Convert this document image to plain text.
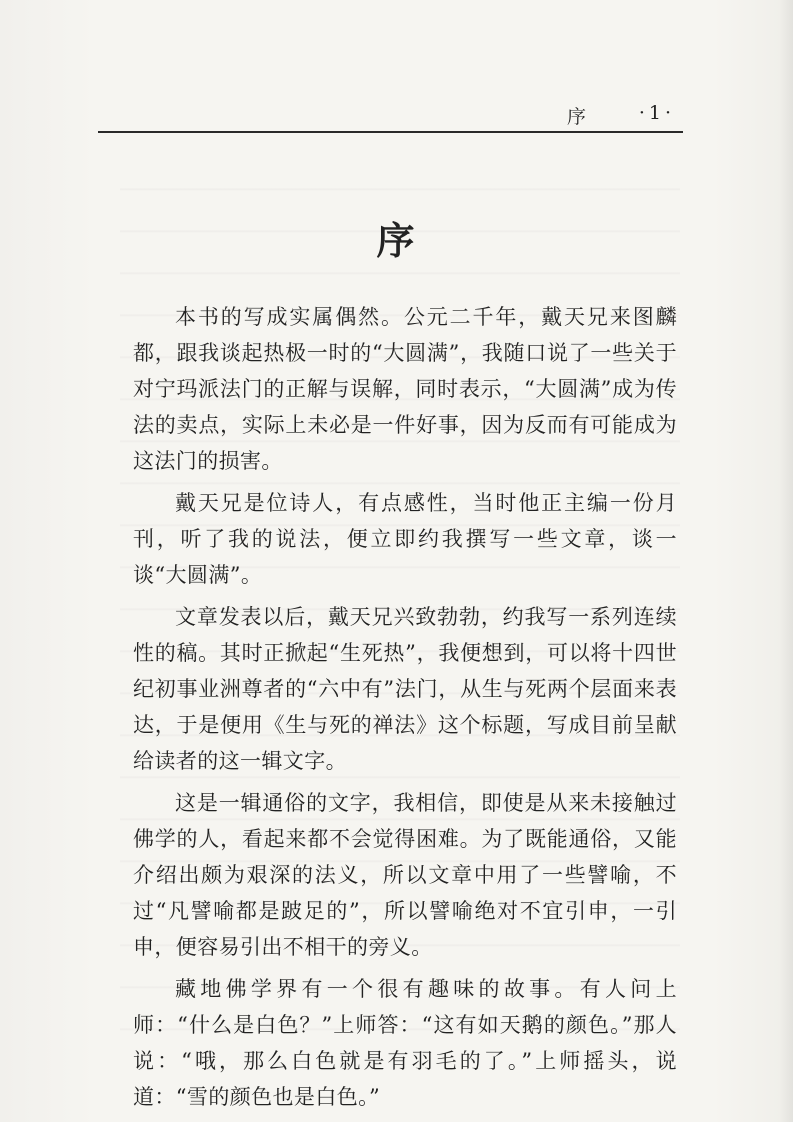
序	·1·
序

本书的写成实属偶然。公元二千年，戴天兄来图麟都，跟我谈起热极一时的“大圆满”，我随口说了一些关于对宁玛派法门的正解与误解，同时表示，“大圆满”成为传法的卖点，实际上未必是一件好事，因为反而有可能成为这法门的损害。

戴天兄是位诗人，有点感性，当时他正主编一份月刊，听了我的说法，便立即约我撰写一些文章，谈一谈“大圆满”。

文章发表以后，戴天兄兴致勃勃，约我写一系列连续性的稿。其时正掀起“生死热”，我便想到，可以将十四世纪初事业洲尊者的“六中有”法门，从生与死两个层面来表达，于是便用《生与死的禅法》这个标题，写成目前呈献给读者的这一辑文字。

这是一辑通俗的文字，我相信，即使是从来未接触过佛学的人，看起来都不会觉得困难。为了既能通俗，又能介绍出颇为艰深的法义，所以文章中用了一些譬喻，不过“凡譬喻都是跛足的”，所以譬喻绝对不宜引申，一引申，便容易引出不相干的旁义。

藏地佛学界有一个很有趣味的故事。有人问上师：“什么是白色？”上师答：“这有如天鹅的颜色。”那人说：“哦，那么白色就是有羽毛的了。”上师摇头，说道：“雪的颜色也是白色。”
